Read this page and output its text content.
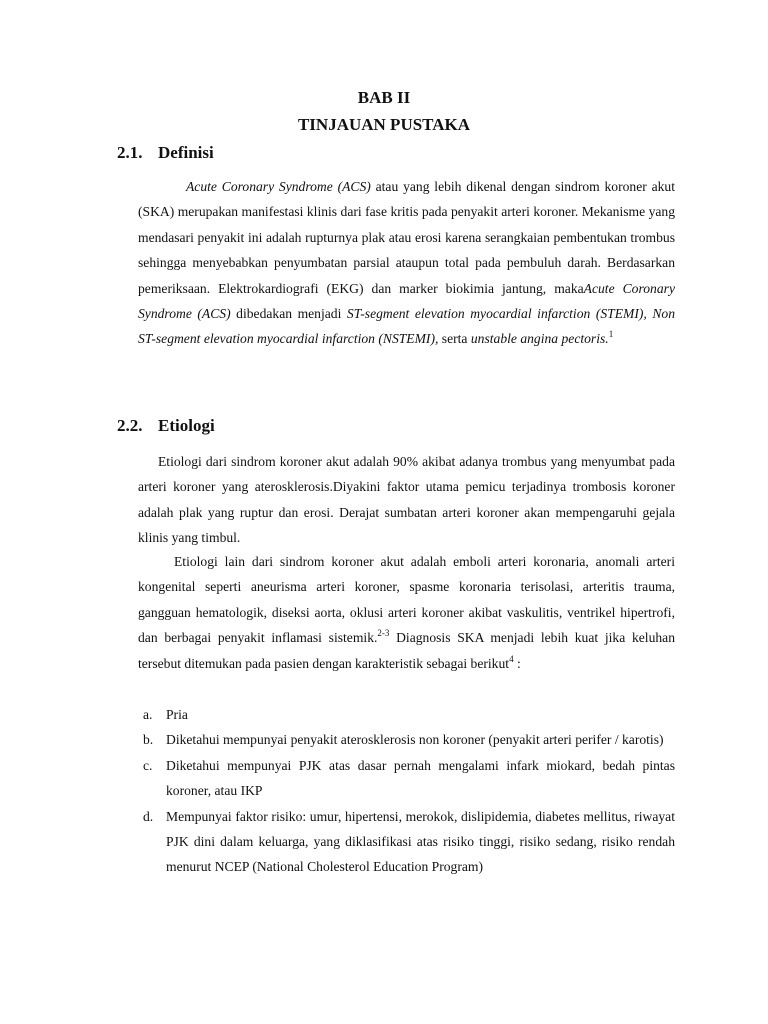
BAB II
TINJAUAN PUSTAKA
2.1. Definisi

Acute Coronary Syndrome (ACS) atau yang lebih dikenal dengan sindrom koroner akut (SKA) merupakan manifestasi klinis dari fase kritis pada penyakit arteri koroner. Mekanisme yang mendasari penyakit ini adalah rupturnya plak atau erosi karena serangkaian pembentukan trombus sehingga menyebabkan penyumbatan parsial ataupun total pada pembuluh darah. Berdasarkan pemeriksaan. Elektrokardiografi (EKG) dan marker biokimia jantung, makaAcute Coronary Syndrome (ACS) dibedakan menjadi ST-segment elevation myocardial infarction (STEMI), Non ST-segment elevation myocardial infarction (NSTEMI), serta unstable angina pectoris.$^1$

2.2. Etiologi

Etiologi dari sindrom koroner akut adalah 90% akibat adanya trombus yang menyumbat pada arteri koroner yang aterosklerosis.Diyakini faktor utama pemicu terjadinya trombosis koroner adalah plak yang ruptur dan erosi. Derajat sumbatan arteri koroner akan mempengaruhi gejala klinis yang timbul.

Etiologi lain dari sindrom koroner akut adalah emboli arteri koronaria, anomali arteri kongenital seperti aneurisma arteri koroner, spasme koronaria terisolasi, arteritis trauma, gangguan hematologik, diseksi aorta, oklusi arteri koroner akibat vaskulitis, ventrikel hipertrofi, dan berbagai penyakit inflamasi sistemik.$^{2-3}$ Diagnosis SKA menjadi lebih kuat jika keluhan tersebut ditemukan pada pasien dengan karakteristik sebagai berikut$^4$ :

a. Pria
b. Diketahui mempunyai penyakit aterosklerosis non koroner (penyakit arteri perifer / karotis)
c. Diketahui mempunyai PJK atas dasar pernah mengalami infark miokard, bedah pintas koroner, atau IKP
d. Mempunyai faktor risiko: umur, hipertensi, merokok, dislipidemia, diabetes mellitus, riwayat PJK dini dalam keluarga, yang diklasifikasi atas risiko tinggi, risiko sedang, risiko rendah menurut NCEP (National Cholesterol Education Program)
